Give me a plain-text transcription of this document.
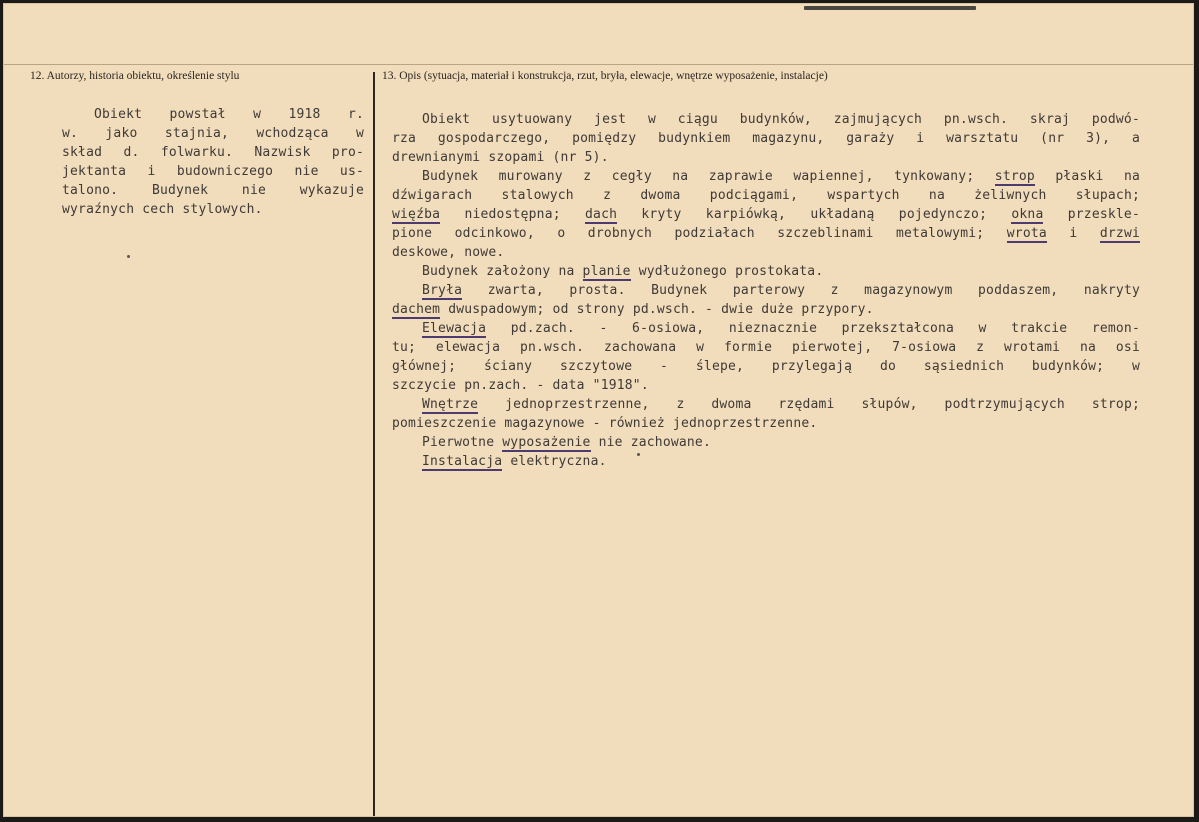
12. Autorzy, historia obiektu, określenie stylu	13. Opis (sytuacja, materiał i konstrukcja, rzut, bryła, elewacje, wnętrze wyposażenie, instalacje)
Obiekt powstał w 1918 r.
w. jako stajnia, wchodząca w
skład d. folwarku. Nazwisk pro-
jektanta i budowniczego nie us-
talono. Budynek nie wykazuje
wyraźnych cech stylowych.
Obiekt usytuowany jest w ciągu budynków, zajmujących pn.wsch. skraj podwó-
rza gospodarczego, pomiędzy budynkiem magazynu, garaży i warsztatu (nr 3), a
drewnianymi szopami (nr 5).
Budynek murowany z cegły na zaprawie wapiennej, tynkowany; strop płaski na
dźwigarach stalowych z dwoma podciągami, wspartych na żeliwnych słupach;
więźba niedostępna; dach kryty karpiówką, układaną pojedynczo; okna przeskle-
pione odcinkowo, o drobnych podziałach szczeblinami metalowymi; wrota i drzwi
deskowe, nowe.
Budynek założony na planie wydłużonego prostokata.
Bryła zwarta, prosta. Budynek parterowy z magazynowym poddaszem, nakryty
dachem dwuspadowym; od strony pd.wsch. - dwie duże przypory.
Elewacja pd.zach. - 6-osiowa, nieznacznie przekształcona w trakcie remon-
tu; elewacja pn.wsch. zachowana w formie pierwotej, 7-osiowa z wrotami na osi
głównej; ściany szczytowe - ślepe, przylegają do sąsiednich budynków; w
szczycie pn.zach. - data "1918".
Wnętrze jednoprzestrzenne, z dwoma rzędami słupów, podtrzymujących strop;
pomieszczenie magazynowe - również jednoprzestrzenne.
Pierwotne wyposażenie nie zachowane.
Instalacja elektryczna.
